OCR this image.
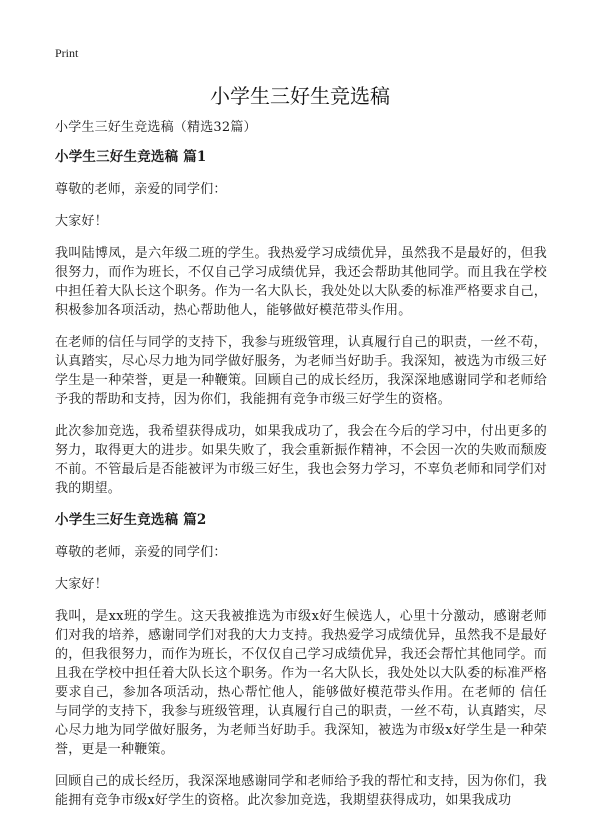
Print
小学生三好生竞选稿

小学生三好生竞选稿（精选32篇）

小学生三好生竞选稿 篇1

尊敬的老师，亲爱的同学们：

大家好！

我叫陆博凤，是六年级二班的学生。我热爱学习成绩优异，虽然我不是最好的，但我很努力，而作为班长，不仅自己学习成绩优异，我还会帮助其他同学。而且我在学校中担任着大队长这个职务。作为一名大队长，我处处以大队委的标准严格要求自己，积极参加各项活动，热心帮助他人，能够做好模范带头作用。

在老师的信任与同学的支持下，我参与班级管理，认真履行自己的职责，一丝不苟，认真踏实，尽心尽力地为同学做好服务，为老师当好助手。我深知，被选为市级三好学生是一种荣誉，更是一种鞭策。回顾自己的成长经历，我深深地感谢同学和老师给予我的帮助和支持，因为你们，我能拥有竞争市级三好学生的资格。

此次参加竞选，我希望获得成功，如果我成功了，我会在今后的学习中，付出更多的努力，取得更大的进步。如果失败了，我会重新振作精神，不会因一次的失败而颓废不前。不管最后是否能被评为市级三好生，我也会努力学习，不辜负老师和同学们对我的期望。

小学生三好生竞选稿 篇2

尊敬的老师，亲爱的同学们：

大家好！

我叫，是xx班的学生。这天我被推选为市级x好生候选人，心里十分激动，感谢老师们对我的培养，感谢同学们对我的大力支持。我热爱学习成绩优异，虽然我不是最好的，但我很努力，而作为班长，不仅仅自己学习成绩优异，我还会帮忙其他同学。而且我在学校中担任着大队长这个职务。作为一名大队长，我处处以大队委的标准严格要求自己，参加各项活动，热心帮忙他人，能够做好模范带头作用。在老师的 信任与同学的支持下，我参与班级管理，认真履行自己的职责，一丝不苟，认真踏实，尽心尽力地为同学做好服务，为老师当好助手。我深知，被选为市级x好学生是一种荣誉，更是一种鞭策。

回顾自己的成长经历，我深深地感谢同学和老师给予我的帮忙和支持，因为你们，我能拥有竞争市级x好学生的资格。此次参加竞选，我期望获得成功，如果我成功
